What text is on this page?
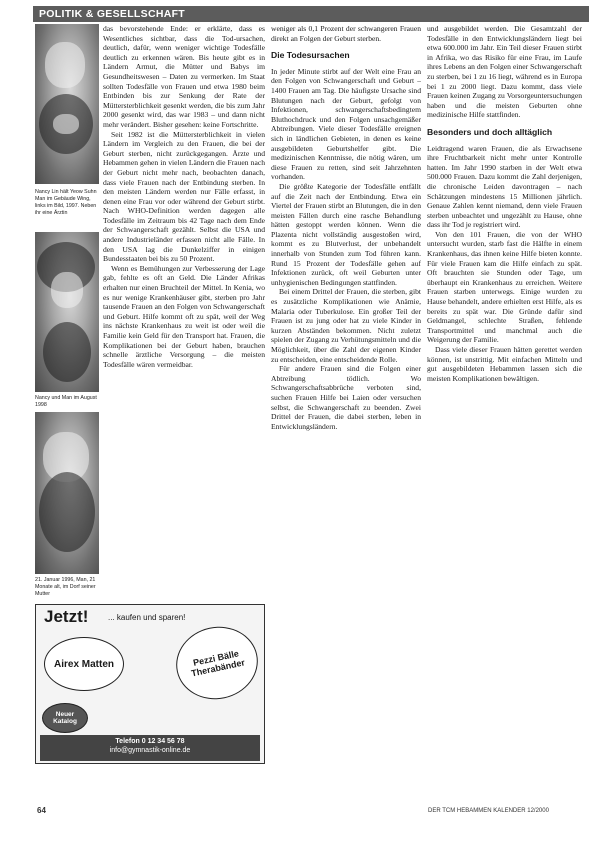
POLITIK & GESELLSCHAFT
Nancy Lin hält Yeow Suhn Man im Gebäude Wing, links im Bild, 1997. Neben ihr eine Ärztin
Nancy und Man im August 1998
21. Januar 1996, Man, 21 Monate alt, im Dorf seiner Mutter

das bevorstehende Ende: er erklärte, dass es Wesentliches sichtbar, dass die Tod-ursachen, deutlich, dafür, wenn weniger wichtige Todesfälle deutlich zu erkennen wären. Bis heute gibt es in Ländern Armut, die Mütter und Babys im Gesundheitswesen – Daten zu vermerken. Im Staat sollten Todesfälle von Frauen und etwa 1980 beim Entbinden bis zur Senkung der Rate der Müttersterblichkeit gesenkt werden, die bis zum Jahr 2000 gesenkt wird, das war 1983 – und dann nicht mehr verändert. Bisher gesehen: keine Fortschritte.

Seit 1982 ist die Müttersterblichkeit in vielen Ländern im Vergleich zu den Frauen, die bei der Geburt sterben, nicht zurückgegangen. Ärzte und Hebammen gehen in vielen Ländern die Frauen nach der Geburt nicht mehr nach, beobachten danach, dass viele Frauen nach der Entbindung sterben. In den meisten Ländern werden nur Fälle erfasst, in denen eine Frau vor oder während der Geburt stirbt. Nach WHO-Definition werden dagegen alle Todesfälle im Zeitraum bis 42 Tage nach dem Ende der Schwangerschaft gezählt. Selbst die USA und andere Industrieländer erfassen nicht alle Fälle. In den USA lag die Dunkelziffer in einigen Bundesstaaten bei bis zu 50 Prozent.

Wenn es Bemühungen zur Verbesserung der Lage gab, fehlte es oft an Geld. Die Länder Afrikas erhalten nur einen Bruchteil der Mittel. In Kenia, wo es nur wenige Krankenhäuser gibt, sterben pro Jahr tausende Frauen an den Folgen von Schwangerschaft und Geburt. Hilfe kommt oft zu spät, weil der Weg ins nächste Krankenhaus zu weit ist oder weil die Familie kein Geld für den Transport hat. Frauen, die Komplikationen bei der Geburt haben, brauchen schnelle ärztliche Versorgung – die meisten Todesfälle wären vermeidbar.

weniger als 0,1 Prozent der schwangeren Frauen direkt an Folgen der Geburt sterben.

Die Todesursachen

In jeder Minute stirbt auf der Welt eine Frau an den Folgen von Schwangerschaft und Geburt – 1400 Frauen am Tag. Die häufigste Ursache sind Blutungen nach der Geburt, gefolgt von Infektionen, schwangerschaftsbedingtem Bluthochdruck und den Folgen unsachgemäßer Abtreibungen. Viele dieser Todesfälle ereignen sich in ländlichen Gebieten, in denen es keine ausgebildeten Geburtshelfer gibt. Die medizinischen Kenntnisse, die nötig wären, um diese Frauen zu retten, sind seit Jahrzehnten vorhanden.

Die größte Kategorie der Todesfälle entfällt auf die Zeit nach der Entbindung. Etwa ein Viertel der Frauen stirbt an Blutungen, die in den meisten Fällen durch eine rasche Behandlung hätten gestoppt werden können. Wenn die Plazenta nicht vollständig ausgestoßen wird, kommt es zu Blutverlust, der unbehandelt innerhalb von Stunden zum Tod führen kann. Rund 15 Prozent der Todesfälle gehen auf Infektionen zurück, oft weil Geburten unter unhygienischen Bedingungen stattfinden.

Bei einem Drittel der Frauen, die sterben, gibt es zusätzliche Komplikationen wie Anämie, Malaria oder Tuberkulose. Ein großer Teil der Frauen ist zu jung oder hat zu viele Kinder in kurzen Abständen bekommen. Nicht zuletzt spielen der Zugang zu Verhütungsmitteln und die Möglichkeit, über die Zahl der eigenen Kinder zu entscheiden, eine entscheidende Rolle.

Für andere Frauen sind die Folgen einer Abtreibung tödlich. Wo Schwangerschaftsabbrüche verboten sind, suchen Frauen Hilfe bei Laien oder versuchen selbst, die Schwangerschaft zu beenden. Zwei Drittel der Frauen, die dabei sterben, leben in Entwicklungsländern.

und ausgebildet werden. Die Gesamtzahl der Todesfälle in den Entwicklungsländern liegt bei etwa 600.000 im Jahr. Ein Teil dieser Frauen stirbt in Afrika, wo das Risiko für eine Frau, im Laufe ihres Lebens an den Folgen einer Schwangerschaft zu sterben, bei 1 zu 16 liegt, während es in Europa bei 1 zu 2000 liegt. Dazu kommt, dass viele Frauen keinen Zugang zu Vorsorgeuntersuchungen haben und die meisten Geburten ohne medizinische Hilfe stattfinden.

Besonders und doch alltäglich

Leidtragend waren Frauen, die als Erwachsene ihre Fruchtbarkeit nicht mehr unter Kontrolle hatten. Im Jahr 1990 starben in der Welt etwa 500.000 Frauen. Dazu kommt die Zahl derjenigen, die chronische Leiden davontragen – nach Schätzungen mindestens 15 Millionen jährlich. Genaue Zahlen kennt niemand, denn viele Frauen sterben unbeachtet und ungezählt zu Hause, ohne dass ihr Tod je registriert wird.

Von den 101 Frauen, die von der WHO untersucht wurden, starb fast die Hälfte in einem Krankenhaus, das ihnen keine Hilfe bieten konnte. Für viele Frauen kam die Hilfe einfach zu spät. Oft brauchten sie Stunden oder Tage, um überhaupt ein Krankenhaus zu erreichen. Weitere Frauen starben unterwegs. Einige wurden zu Hause behandelt, andere erhielten erst Hilfe, als es bereits zu spät war. Die Gründe dafür sind Geldmangel, schlechte Straßen, fehlende Transportmittel und manchmal auch die Weigerung der Familie.

Dass viele dieser Frauen hätten gerettet werden können, ist unstrittig. Mit einfachen Mitteln und gut ausgebildeten Hebammen lassen sich die meisten Komplikationen bewältigen.

Jetzt! ... kaufen und sparen!
Airex Matten	Pezzi Bälle Therabänder
Neuer Katalog
Telefon 0 12 34 56 78
info@gymnastik-online.de
64	DER TCM HEBAMMEN KALENDER 12/2000
